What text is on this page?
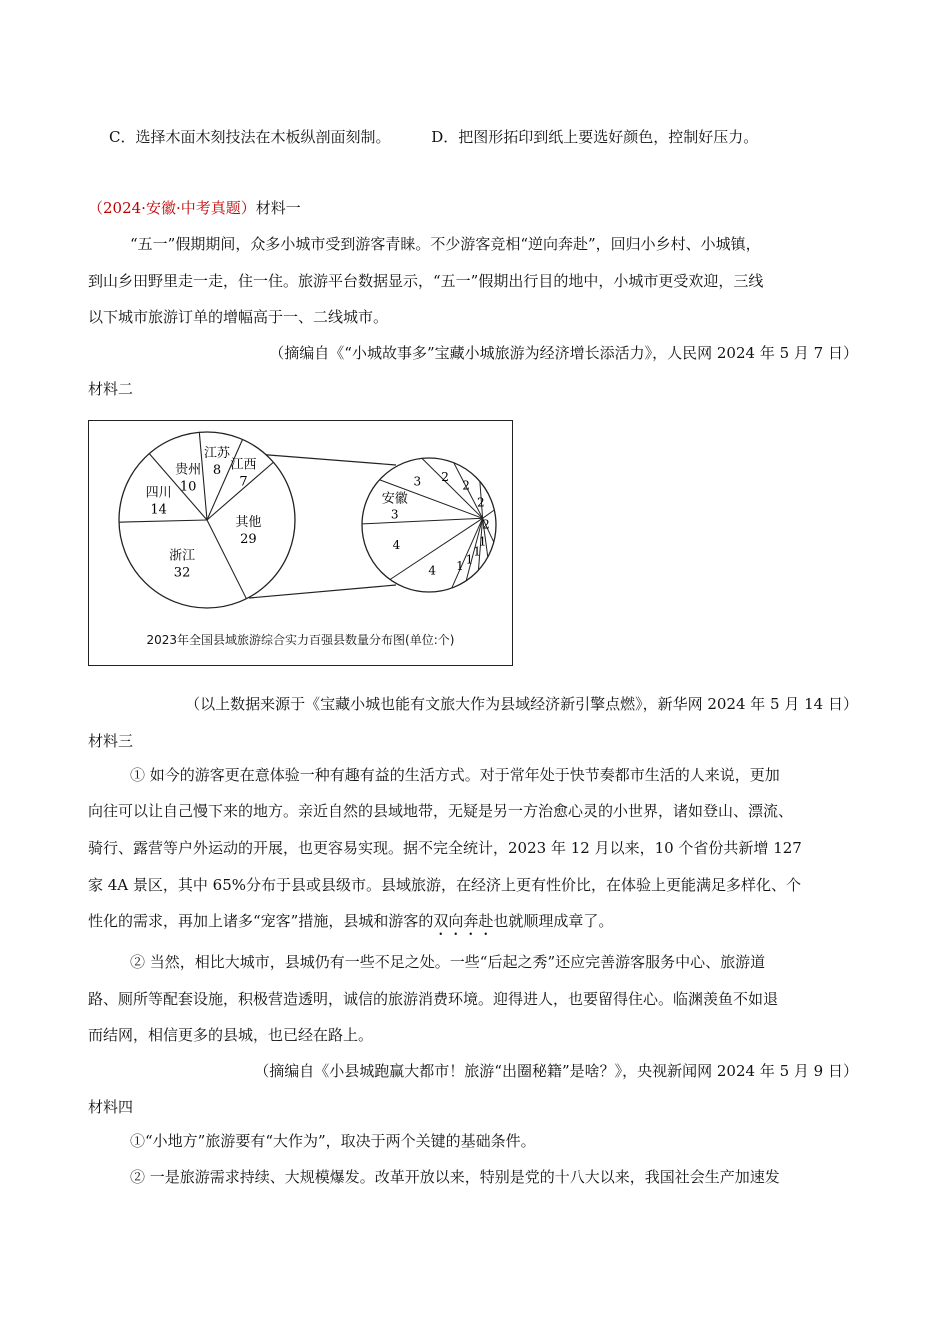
C．选择木面木刻技法在木板纵剖面刻制。	D．把图形拓印到纸上要选好颜色，控制好压力。
（2024·安徽·中考真题）材料一
“五一”假期期间，众多小城市受到游客青睐。不少游客竞相“逆向奔赴”，回归小乡村、小城镇，
到山乡田野里走一走，住一住。旅游平台数据显示，“五一”假期出行目的地中，小城市更受欢迎，三线
以下城市旅游订单的增幅高于一、二线城市。
（摘编自《“小城故事多”宝藏小城旅游为经济增长添活力》，人民网 2024 年 5 月 7 日）
材料二
江苏
8 江西
7
其他
29
浙江
32
四川
14
贵州
10
2
2
2
2
1
1
1
1
4
4
安徽
3
3
2023年全国县域旅游综合实力百强县数量分布图(单位:个)
（以上数据来源于《宝藏小城也能有文旅大作为县域经济新引擎点燃》，新华网 2024 年 5 月 14 日）
材料三
① 如今的游客更在意体验一种有趣有益的生活方式。对于常年处于快节奏都市生活的人来说，更加
向往可以让自己慢下来的地方。亲近自然的县域地带，无疑是另一方治愈心灵的小世界，诸如登山、漂流、
骑行、露营等户外运动的开展，也更容易实现。据不完全统计，2023 年 12 月以来，10 个省份共新增 127
家 4A 景区，其中 65%分布于县或县级市。县域旅游，在经济上更有性价比，在体验上更能满足多样化、个
性化的需求，再加上诸多“宠客”措施，县城和游客的双向奔赴也就顺理成章了。
② 当然，相比大城市，县城仍有一些不足之处。一些“后起之秀”还应完善游客服务中心、旅游道
路、厕所等配套设施，积极营造透明，诚信的旅游消费环境。迎得进人，也要留得住心。临渊羡鱼不如退
而结网，相信更多的县城，也已经在路上。
（摘编自《小县城跑赢大都市！旅游“出圈秘籍”是啥？》，央视新闻网 2024 年 5 月 9 日）
材料四
①“小地方”旅游要有“大作为”，取决于两个关键的基础条件。
② 一是旅游需求持续、大规模爆发。改革开放以来，特别是党的十八大以来，我国社会生产加速发
